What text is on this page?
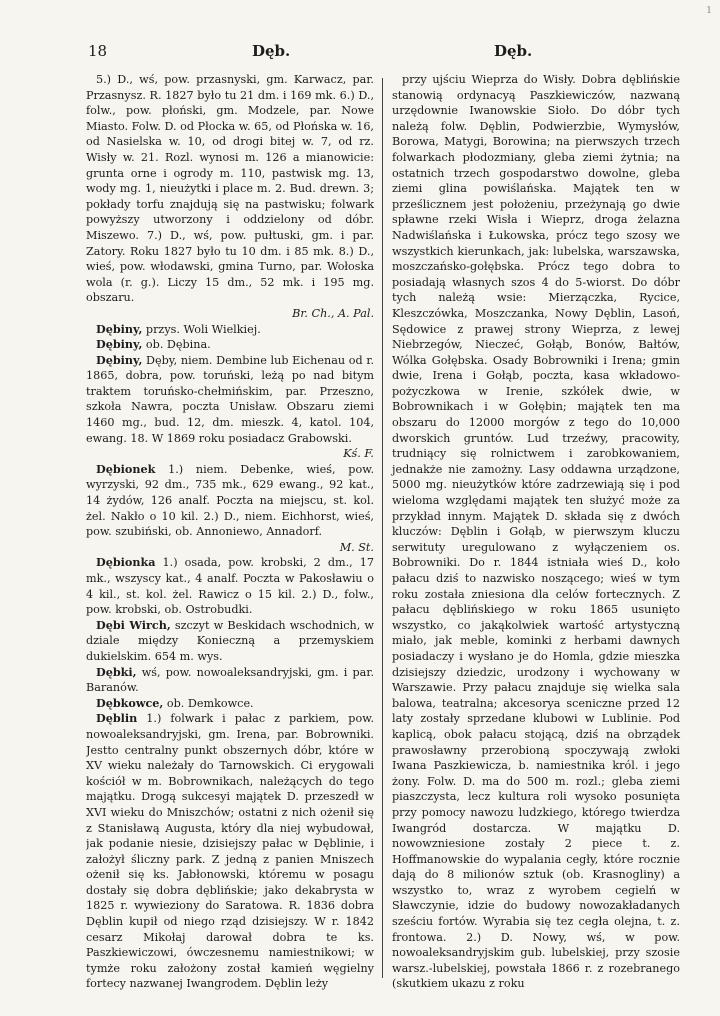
18	Dęb.	Dęb.
1

5.) D., wś, pow. przasnyski, gm. Karwacz, par. Przasnysz. R. 1827 było tu 21 dm. i 169 mk. 6.) D., folw., pow. płoński, gm. Modzele, par. Nowe Miasto. Folw. D. od Płocka w. 65, od Płońska w. 16, od Nasielska w. 10, od drogi bitej w. 7, od rz. Wisły w. 21. Rozl. wynosi m. 126 a mianowicie: grunta orne i ogrody m. 110, pastwisk mg. 13, wody mg. 1, nieużytki i place m. 2. Bud. drewn. 3; pokłady torfu znajdują się na pastwisku; folwark powyższy utworzony i oddzielony od dóbr. Miszewo. 7.) D., wś, pow. pułtuski, gm. i par. Zatory. Roku 1827 było tu 10 dm. i 85 mk. 8.) D., wieś, pow. włodawski, gmina Turno, par. Wołoska wola (r. g.). Liczy 15 dm., 52 mk. i 195 mg. obszaru.
Br. Ch., A. Pal.

Dębiny, przys. Woli Wielkiej.

Dębiny, ob. Dębina.

Dębiny, Dęby, niem. Dembine lub Eichenau od r. 1865, dobra, pow. toruński, leżą po nad bitym traktem toruńsko-chełmińskim, par. Przeszno, szkoła Nawra, poczta Unisław. Obszaru ziemi 1460 mg., bud. 12, dm. mieszk. 4, katol. 104, ewang. 18. W 1869 roku posiadacz Grabowski.
Kś. F.

Dębionek 1.) niem. Debenke, wieś, pow. wyrzyski, 92 dm., 735 mk., 629 ewang., 92 kat., 14 żydów, 126 analf. Poczta na miejscu, st. kol. żel. Nakło o 10 kil. 2.) D., niem. Eichhorst, wieś, pow. szubiński, ob. Annoniewo, Annadorf.
M. St.

Dębionka 1.) osada, pow. krobski, 2 dm., 17 mk., wszyscy kat., 4 analf. Poczta w Pakosławiu o 4 kil., st. kol. żel. Rawicz o 15 kil. 2.) D., folw., pow. krobski, ob. Ostrobudki.

Dębi Wirch, szczyt w Beskidach wschodnich, w dziale między Konieczną a przemyskiem dukielskim. 654 m. wys.

Dębki, wś, pow. nowoaleksandryjski, gm. i par. Baranów.

Dębkowce, ob. Demkowce.

Dęblin 1.) folwark i pałac z parkiem, pow. nowoaleksandryjski, gm. Irena, par. Bobrowniki. Jestto centralny punkt obszernych dóbr, które w XV wieku należały do Tarnowskich. Ci erygowali kościół w m. Bobrownikach, należących do tego majątku. Drogą sukcesyi majątek D. przeszedł w XVI wieku do Mniszchów; ostatni z nich ożenił się z Stanisławą Augusta, który dla niej wybudował, jak podanie niesie, dzisiejszy pałac w Dęblinie, i założył śliczny park. Z jedną z panien Mniszech ożenił się ks. Jabłonowski, któremu w posagu dostały się dobra dęblińskie; jako dekabrysta w 1825 r. wywieziony do Saratowa. R. 1836 dobra Dęblin kupił od niego rząd dzisiejszy. W r. 1842 cesarz Mikołaj darował dobra te ks. Paszkiewiczowi, ówczesnemu namiestnikowi; w tymże roku założony został kamień węgielny fortecy nazwanej Iwangrodem. Dęblin leży

przy ujściu Wieprza do Wisły. Dobra dęblińskie stanowią ordynacyą Paszkiewiczów, nazwaną urzędownie Iwanowskie Sioło. Do dóbr tych należą folw. Dęblin, Podwierzbie, Wymysłów, Borowa, Matygi, Borowina; na pierwszych trzech folwarkach płodozmiany, gleba ziemi żytnia; na ostatnich trzech gospodarstwo dowolne, gleba ziemi glina powiślańska. Majątek ten w prześlicznem jest położeniu, przeżynają go dwie spławne rzeki Wisła i Wieprz, droga żelazna Nadwiślańska i Łukowska, prócz tego szosy we wszystkich kierunkach, jak: lubelska, warszawska, moszczańsko-gołębska. Prócz tego dobra to posiadają własnych szos 4 do 5-wiorst. Do dóbr tych należą wsie: Mierzączka, Rycice, Kleszczówka, Moszczanka, Nowy Dęblin, Lasoń, Sędowice z prawej strony Wieprza, z lewej Niebrzegów, Nieczeć, Gołąb, Bonów, Bałtów, Wólka Gołębska. Osady Bobrowniki i Irena; gmin dwie, Irena i Gołąb, poczta, kasa wkładowo-pożyczkowa w Irenie, szkółek dwie, w Bobrownikach i w Gołębin; majątek ten ma obszaru do 12000 morgów z tego do 10,000 dworskich gruntów. Lud trzeźwy, pracowity, trudniący się rolnictwem i zarobkowaniem, jednakże nie zamożny. Lasy oddawna urządzone, 5000 mg. nieużytków które zadrzewiają się i pod wieloma względami majątek ten służyć może za przykład innym. Majątek D. składa się z dwóch kluczów: Dęblin i Gołąb, w pierwszym kluczu serwituty uregulowano z wyłączeniem os. Bobrowniki. Do r. 1844 istniała wieś D., koło pałacu dziś to nazwisko noszącego; wieś w tym roku została zniesiona dla celów fortecznych. Z pałacu dęblińskiego w roku 1865 usunięto wszystko, co jakąkolwiek wartość artystyczną miało, jak meble, kominki z herbami dawnych posiadaczy i wysłano je do Homla, gdzie mieszka dzisiejszy dziedzic, urodzony i wychowany w Warszawie. Przy pałacu znajduje się wielka sala balowa, teatralna; akcesorya sceniczne przed 12 laty zostały sprzedane klubowi w Lublinie. Pod kaplicą, obok pałacu stojącą, dziś na obrządek prawosławny przerobioną spoczywają zwłoki Iwana Paszkiewicza, b. namiestnika król. i jego żony. Folw. D. ma do 500 m. rozl.; gleba ziemi piaszczysta, lecz kultura roli wysoko posunięta przy pomocy nawozu ludzkiego, którego twierdza Iwangród dostarcza. W majątku D. nowowzniesione zostały 2 piece t. z. Hoffmanowskie do wypalania cegły, które rocznie dają do 8 milionów sztuk (ob. Krasnogliny) a wszystko to, wraz z wyrobem cegielń w Sławczynie, idzie do budowy nowozakładanych sześciu fortów. Wyrabia się tez cegła olejna, t. z. frontowa. 2.) D. Nowy, wś, w pow. nowoaleksandryjskim gub. lubelskiej, przy szosie warsz.-lubelskiej, powstała 1866 r. z rozebranego (skutkiem ukazu z roku
